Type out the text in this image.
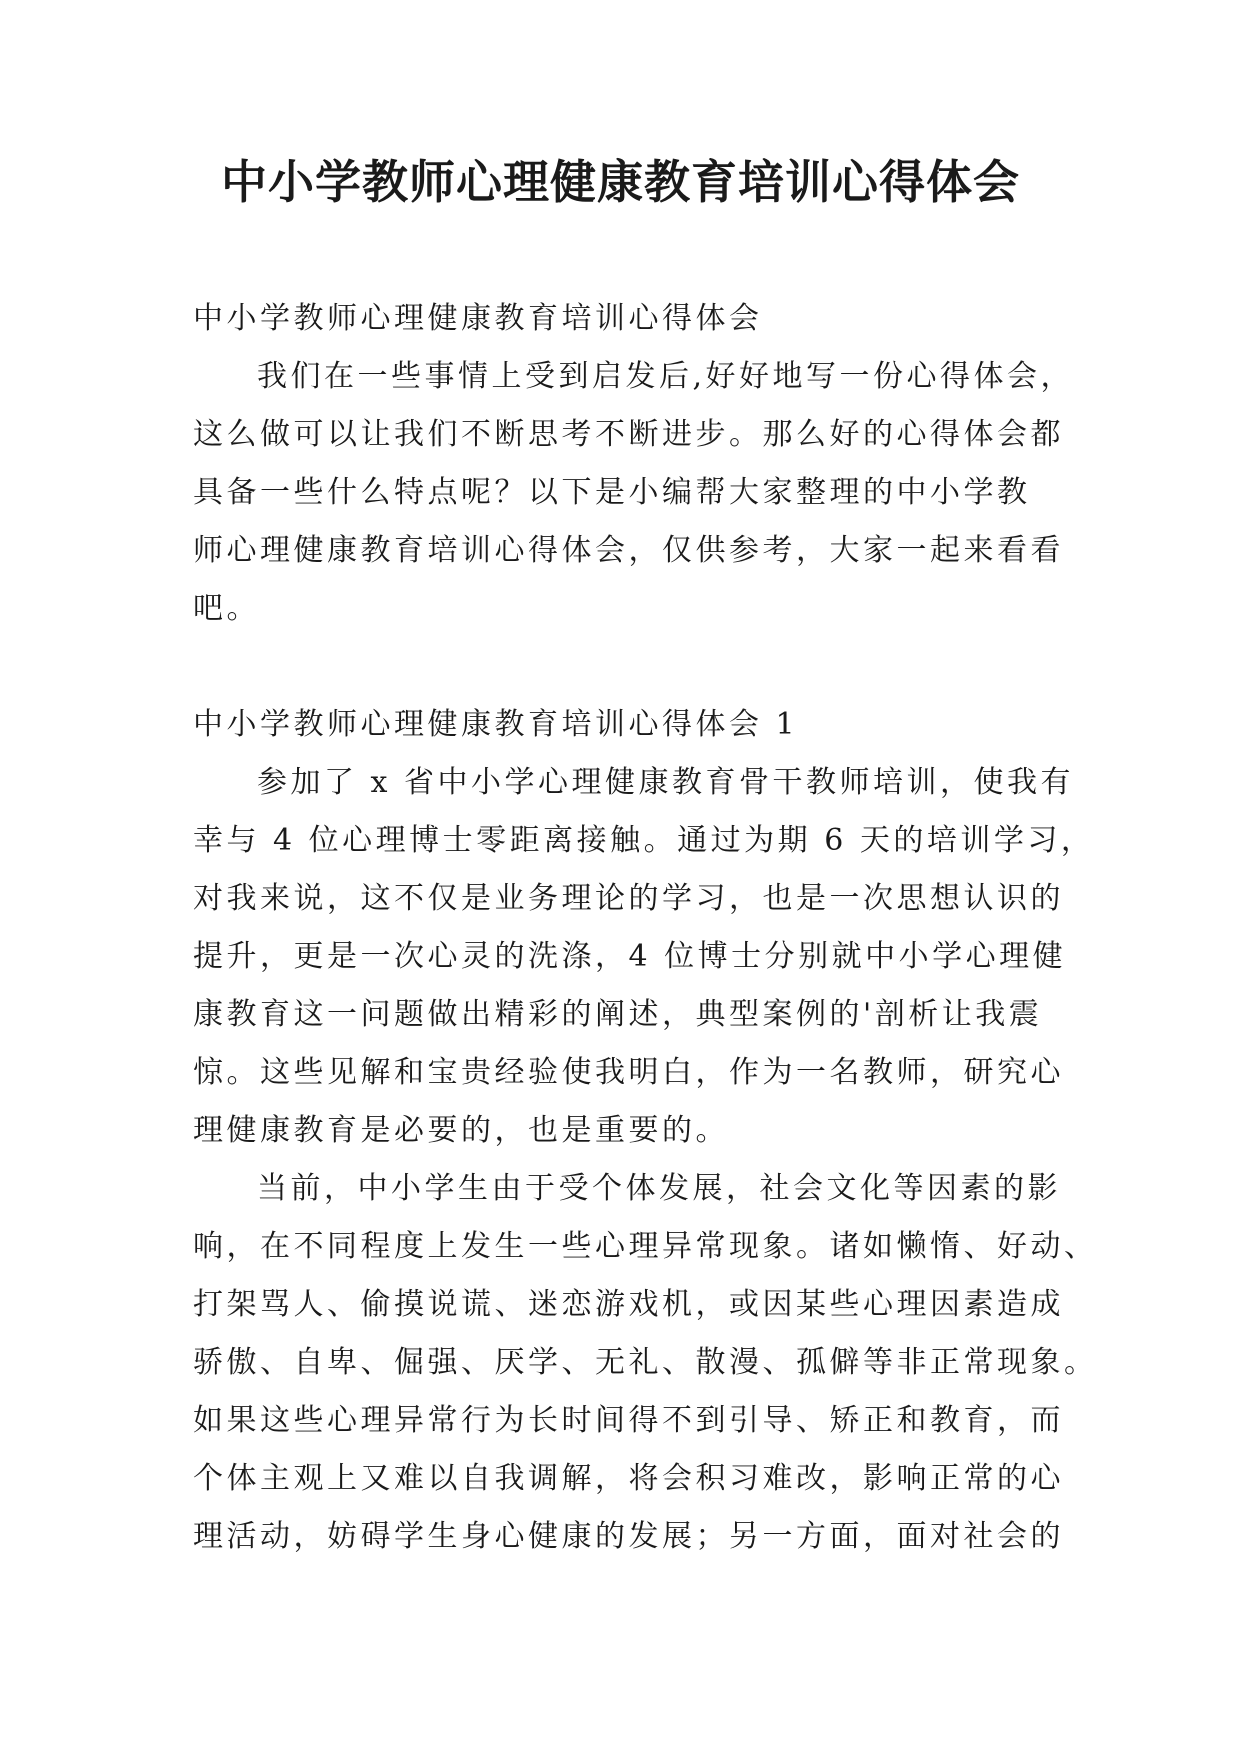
中小学教师心理健康教育培训心得体会
中小学教师心理健康教育培训心得体会
我们在一些事情上受到启发后,好好地写一份心得体会，
这么做可以让我们不断思考不断进步。那么好的心得体会都
具备一些什么特点呢？以下是小编帮大家整理的中小学教
师心理健康教育培训心得体会，仅供参考，大家一起来看看
吧。
中小学教师心理健康教育培训心得体会 1
参加了 x 省中小学心理健康教育骨干教师培训，使我有
幸与 4 位心理博士零距离接触。通过为期 6 天的培训学习，
对我来说，这不仅是业务理论的学习，也是一次思想认识的
提升，更是一次心灵的洗涤，4 位博士分别就中小学心理健
康教育这一问题做出精彩的阐述，典型案例的'剖析让我震
惊。这些见解和宝贵经验使我明白，作为一名教师，研究心
理健康教育是必要的，也是重要的。
当前，中小学生由于受个体发展，社会文化等因素的影
响，在不同程度上发生一些心理异常现象。诸如懒惰、好动、
打架骂人、偷摸说谎、迷恋游戏机，或因某些心理因素造成
骄傲、自卑、倔强、厌学、无礼、散漫、孤僻等非正常现象。
如果这些心理异常行为长时间得不到引导、矫正和教育，而
个体主观上又难以自我调解，将会积习难改，影响正常的心
理活动，妨碍学生身心健康的发展；另一方面，面对社会的
